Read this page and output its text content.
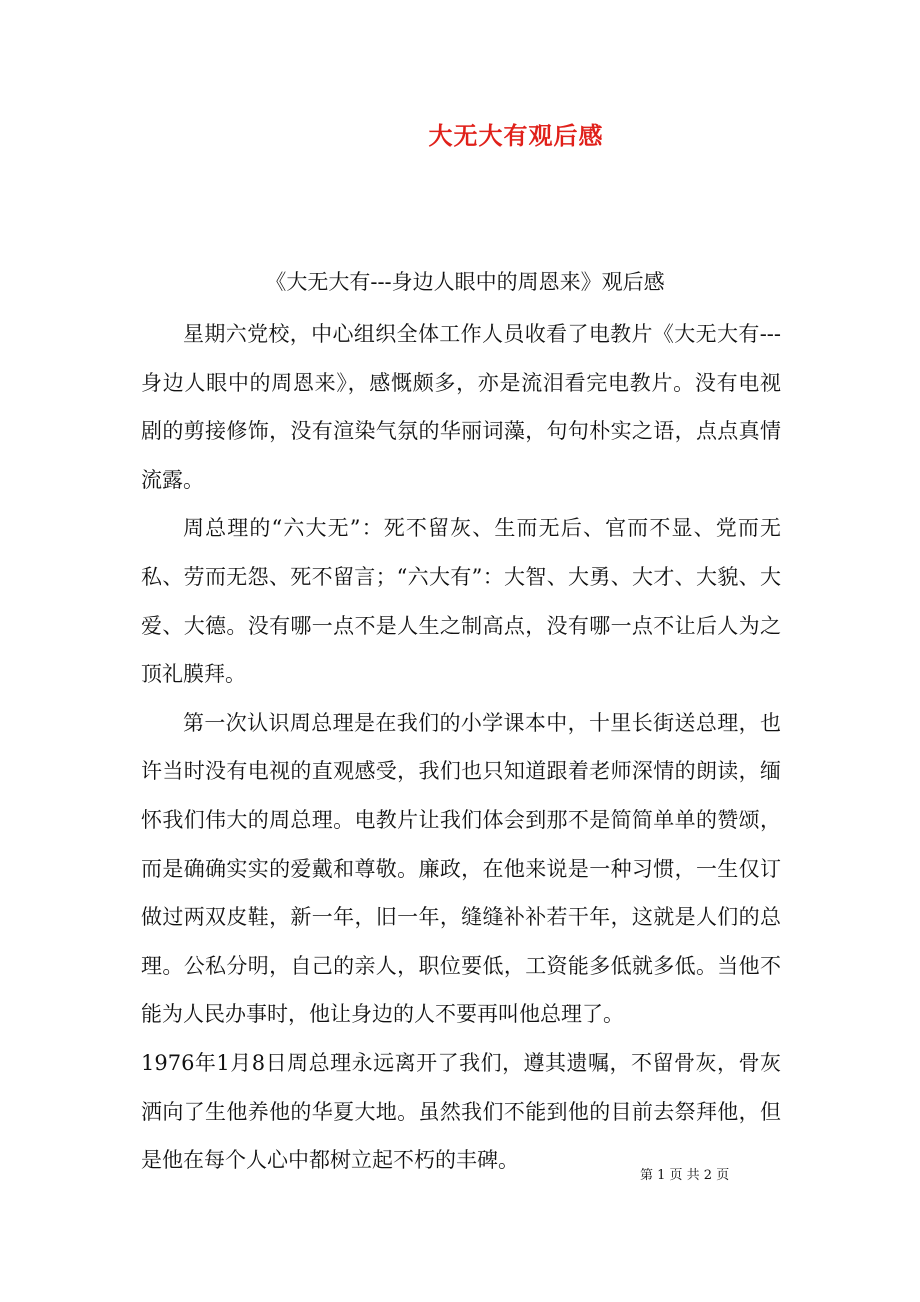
大无大有观后感
《大无大有---身边人眼中的周恩来》观后感

星期六党校，中心组织全体工作人员收看了电教片《大无大有---身边人眼中的周恩来》，感慨颇多，亦是流泪看完电教片。没有电视剧的剪接修饰，没有渲染气氛的华丽词藻，句句朴实之语，点点真情流露。

周总理的“六大无”：死不留灰、生而无后、官而不显、党而无私、劳而无怨、死不留言；“六大有”：大智、大勇、大才、大貌、大爱、大德。没有哪一点不是人生之制高点，没有哪一点不让后人为之顶礼膜拜。

第一次认识周总理是在我们的小学课本中，十里长街送总理，也许当时没有电视的直观感受，我们也只知道跟着老师深情的朗读，缅怀我们伟大的周总理。电教片让我们体会到那不是简简单单的赞颂，而是确确实实的爱戴和尊敬。廉政，在他来说是一种习惯，一生仅订做过两双皮鞋，新一年，旧一年，缝缝补补若干年，这就是人们的总理。公私分明，自己的亲人，职位要低，工资能多低就多低。当他不能为人民办事时，他让身边的人不要再叫他总理了。

1976年1月8日周总理永远离开了我们，遵其遗嘱，不留骨灰，骨灰洒向了生他养他的华夏大地。虽然我们不能到他的目前去祭拜他，但是他在每个人心中都树立起不朽的丰碑。

第 1 页 共 2 页
